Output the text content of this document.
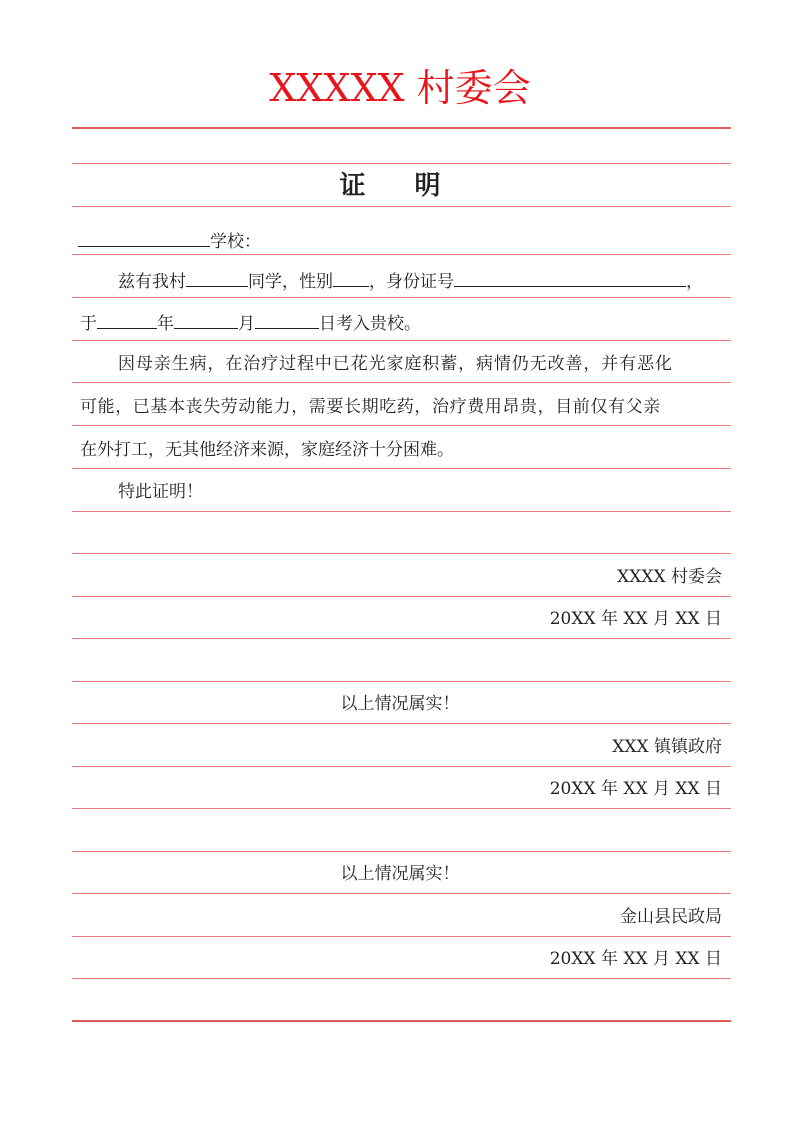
XXXXX 村委会
证 明
学校：
兹有我村	同学，性别 ，身份证号	，
于	年	月	日考入贵校。
因母亲生病，在治疗过程中已花光家庭积蓄，病情仍无改善，并有恶化
可能，已基本丧失劳动能力，需要长期吃药，治疗费用昂贵，目前仅有父亲
在外打工，无其他经济来源，家庭经济十分困难。
特此证明！
XXXX 村委会
20XX 年 XX 月 XX 日
以上情况属实！
XXX 镇镇政府
20XX 年 XX 月 XX 日
以上情况属实！
金山县民政局
20XX 年 XX 月 XX 日
